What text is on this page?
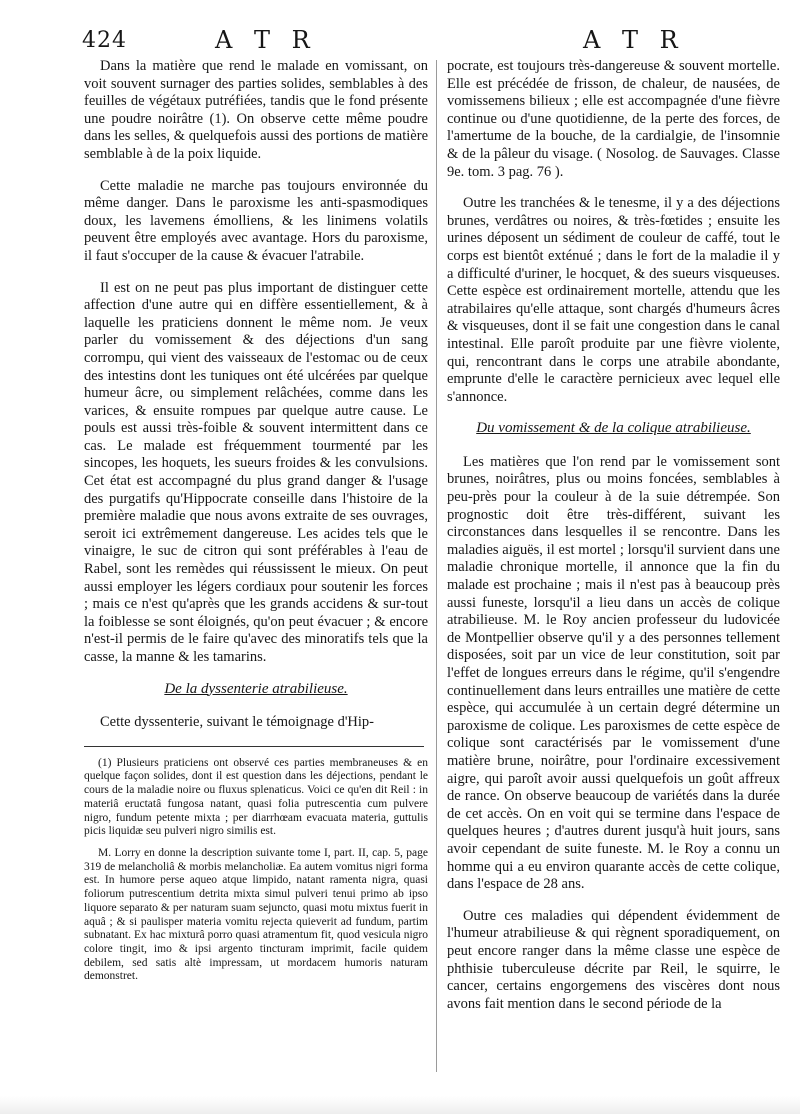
424	A T R	A T R

Dans la matière que rend le malade en vomissant, on voit souvent surnager des parties solides, semblables à des feuilles de végétaux putréfiées, tandis que le fond présente une poudre noirâtre (1). On observe cette même poudre dans les selles, & quelquefois aussi des portions de matière semblable à de la poix liquide.

Cette maladie ne marche pas toujours environnée du même danger. Dans le paroxisme les anti-spasmodiques doux, les lavemens émolliens, & les linimens volatils peuvent être employés avec avantage. Hors du paroxisme, il faut s'occuper de la cause & évacuer l'atrabile.

Il est on ne peut pas plus important de distinguer cette affection d'une autre qui en diffère essentiellement, & à laquelle les praticiens donnent le même nom. Je veux parler du vomissement & des déjections d'un sang corrompu, qui vient des vaisseaux de l'estomac ou de ceux des intestins dont les tuniques ont été ulcérées par quelque humeur âcre, ou simplement relâchées, comme dans les varices, & ensuite rompues par quelque autre cause. Le pouls est aussi très-foible & souvent intermittent dans ce cas. Le malade est fréquemment tourmenté par les sincopes, les hoquets, les sueurs froides & les convulsions. Cet état est accompagné du plus grand danger & l'usage des purgatifs qu'Hippocrate conseille dans l'histoire de la première maladie que nous avons extraite de ses ouvrages, seroit ici extrêmement dangereuse. Les acides tels que le vinaigre, le suc de citron qui sont préférables à l'eau de Rabel, sont les remèdes qui réussissent le mieux. On peut aussi employer les légers cordiaux pour soutenir les forces ; mais ce n'est qu'après que les grands accidens & sur-tout la foiblesse se sont éloignés, qu'on peut évacuer ; & encore n'est-il permis de le faire qu'avec des minoratifs tels que la casse, la manne & les tamarins.

De la dyssenterie atrabilieuse.

Cette dyssenterie, suivant le témoignage d'Hip-

(1) Plusieurs praticiens ont observé ces parties membraneuses & en quelque façon solides, dont il est question dans les déjections, pendant le cours de la maladie noire ou fluxus splenaticus. Voici ce qu'en dit Reil : in materiâ eructatâ fungosa natant, quasi folia putrescentia cum pulvere nigro, fundum petente mixta ; per diarrhœam evacuata materia, guttulis picis liquidæ seu pulveri nigro similis est.

M. Lorry en donne la description suivante tome I, part. II, cap. 5, page 319 de melancholiâ & morbis melancholiæ. Ea autem vomitus nigri forma est. In humore perse aqueo atque limpido, natant ramenta nigra, quasi foliorum putrescentium detrita mixta simul pulveri tenui primo ab ipso liquore separato & per naturam suam sejuncto, quasi motu mixtus fuerit in aquâ ; & si paulisper materia vomitu rejecta quieverit ad fundum, partim subnatant. Ex hac mixturâ porro quasi atramentum fit, quod vesicula nigro colore tingit, imo & ipsi argento tincturam imprimit, facile quidem debilem, sed satis altè impressam, ut mordacem humoris naturam demonstret.

pocrate, est toujours très-dangereuse & souvent mortelle. Elle est précédée de frisson, de chaleur, de nausées, de vomissemens bilieux ; elle est accompagnée d'une fièvre continue ou d'une quotidienne, de la perte des forces, de l'amertume de la bouche, de la cardialgie, de l'insomnie & de la pâleur du visage. ( Nosolog. de Sauvages. Classe 9e. tom. 3 pag. 76 ).

Outre les tranchées & le tenesme, il y a des déjections brunes, verdâtres ou noires, & très-fœtides ; ensuite les urines déposent un sédiment de couleur de caffé, tout le corps est bientôt exténué ; dans le fort de la maladie il y a difficulté d'uriner, le hocquet, & des sueurs visqueuses. Cette espèce est ordinairement mortelle, attendu que les atrabilaires qu'elle attaque, sont chargés d'humeurs âcres & visqueuses, dont il se fait une congestion dans le canal intestinal. Elle paroît produite par une fièvre violente, qui, rencontrant dans le corps une atrabile abondante, emprunte d'elle le caractère pernicieux avec lequel elle s'annonce.

Du vomissement & de la colique atrabilieuse.

Les matières que l'on rend par le vomissement sont brunes, noirâtres, plus ou moins foncées, semblables à peu-près pour la couleur à de la suie détrempée. Son prognostic doit être très-différent, suivant les circonstances dans lesquelles il se rencontre. Dans les maladies aiguës, il est mortel ; lorsqu'il survient dans une maladie chronique mortelle, il annonce que la fin du malade est prochaine ; mais il n'est pas à beaucoup près aussi funeste, lorsqu'il a lieu dans un accès de colique atrabilieuse. M. le Roy ancien professeur du ludovicée de Montpellier observe qu'il y a des personnes tellement disposées, soit par un vice de leur constitution, soit par l'effet de longues erreurs dans le régime, qu'il s'engendre continuellement dans leurs entrailles une matière de cette espèce, qui accumulée à un certain degré détermine un paroxisme de colique. Les paroxismes de cette espèce de colique sont caractérisés par le vomissement d'une matière brune, noirâtre, pour l'ordinaire excessivement aigre, qui paroît avoir aussi quelquefois un goût affreux de rance. On observe beaucoup de variétés dans la durée de cet accès. On en voit qui se termine dans l'espace de quelques heures ; d'autres durent jusqu'à huit jours, sans avoir cependant de suite funeste. M. le Roy a connu un homme qui a eu environ quarante accès de cette colique, dans l'espace de 28 ans.

Outre ces maladies qui dépendent évidemment de l'humeur atrabilieuse & qui règnent sporadiquement, on peut encore ranger dans la même classe une espèce de phthisie tuberculeuse décrite par Reil, le squirre, le cancer, certains engorgemens des viscères dont nous avons fait mention dans le second période de la
